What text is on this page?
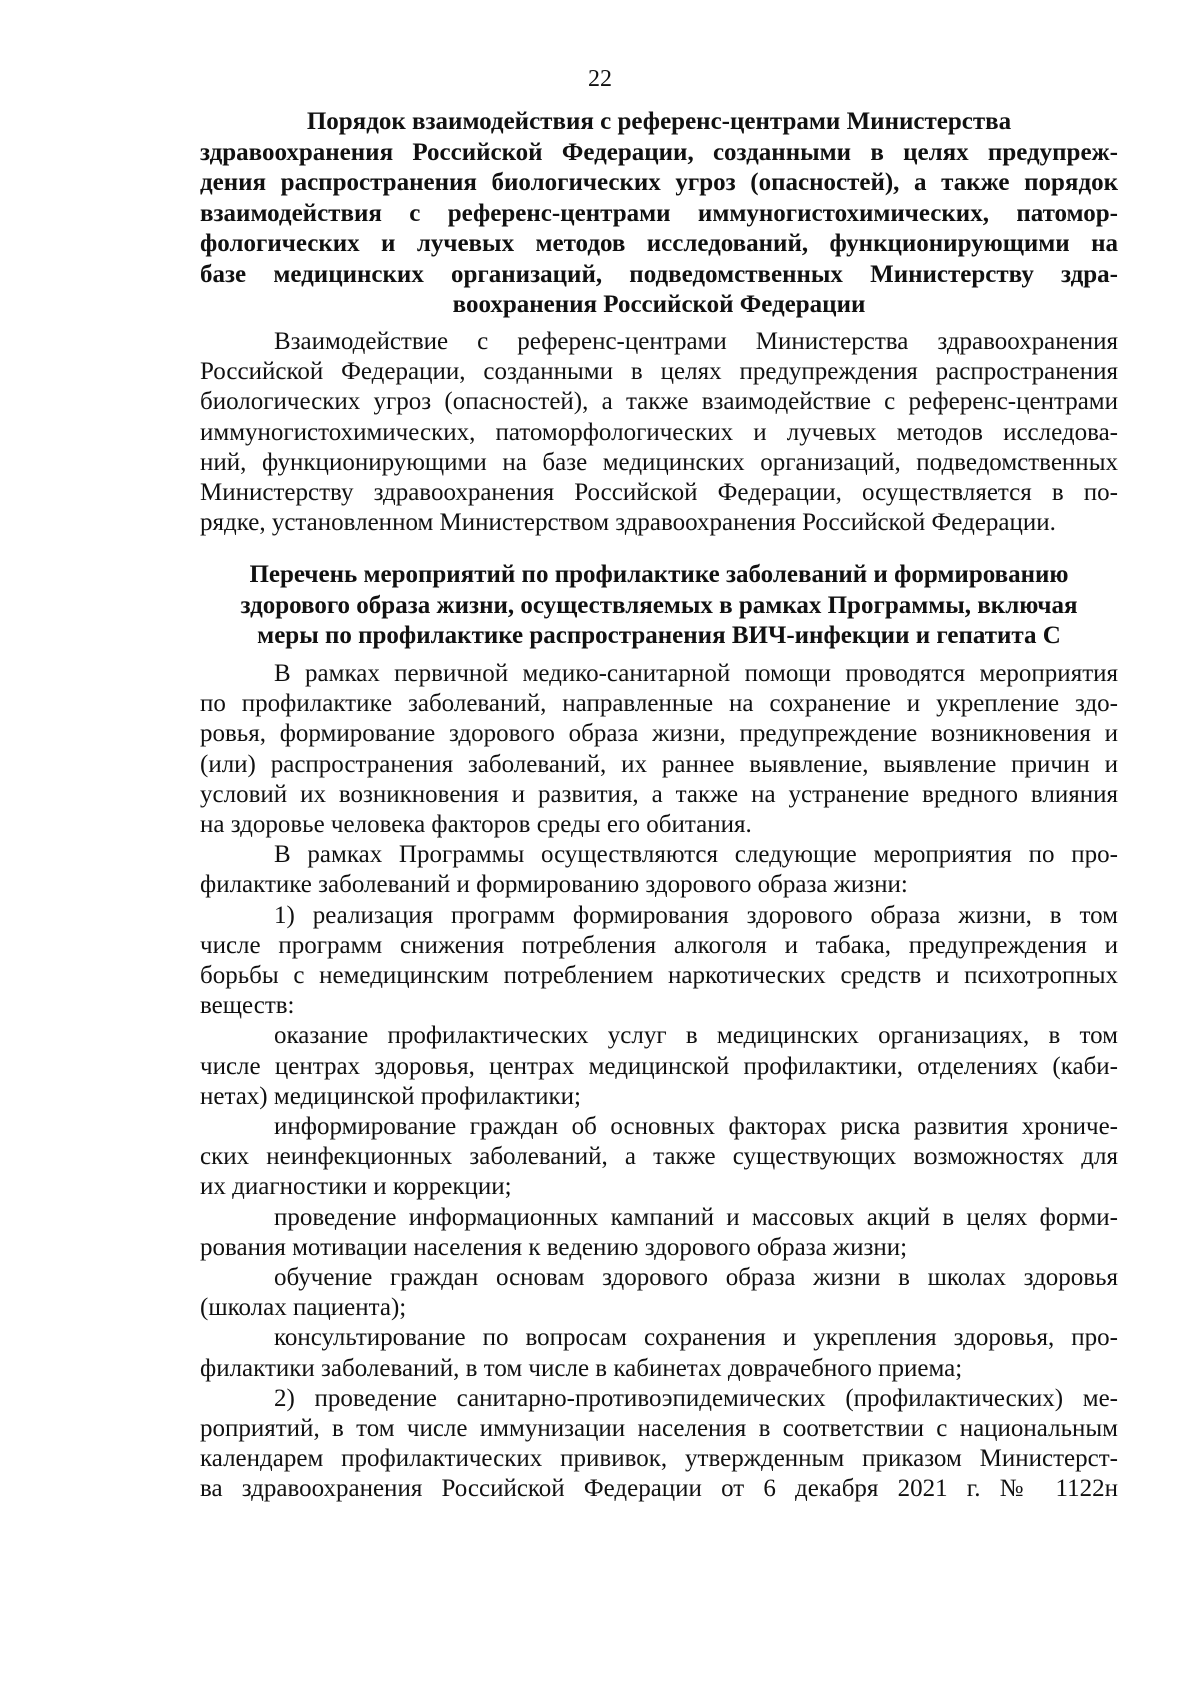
22
Порядок взаимодействия с референс-центрами Министерства
здравоохранения Российской Федерации, созданными в целях предупреж-
дения распространения биологических угроз (опасностей), а также порядок
взаимодействия с референс-центрами иммуногистохимических, патомор-
фологических и лучевых методов исследований, функционирующими на
базе медицинских организаций, подведомственных Министерству здра-
воохранения Российской Федерации
Взаимодействие с референс-центрами Министерства здравоохранения
Российской Федерации, созданными в целях предупреждения распространения
биологических угроз (опасностей), а также взаимодействие с референс-центрами
иммуногистохимических, патоморфологических и лучевых методов исследова-
ний, функционирующими на базе медицинских организаций, подведомственных
Министерству здравоохранения Российской Федерации, осуществляется в по-
рядке, установленном Министерством здравоохранения Российской Федерации.
Перечень мероприятий по профилактике заболеваний и формированию
здорового образа жизни, осуществляемых в рамках Программы, включая
меры по профилактике распространения ВИЧ-инфекции и гепатита С
В рамках первичной медико-санитарной помощи проводятся мероприятия
по профилактике заболеваний, направленные на сохранение и укрепление здо-
ровья, формирование здорового образа жизни, предупреждение возникновения и
(или) распространения заболеваний, их раннее выявление, выявление причин и
условий их возникновения и развития, а также на устранение вредного влияния
на здоровье человека факторов среды его обитания.
В рамках Программы осуществляются следующие мероприятия по про-
филактике заболеваний и формированию здорового образа жизни:
1) реализация программ формирования здорового образа жизни, в том
числе программ снижения потребления алкоголя и табака, предупреждения и
борьбы с немедицинским потреблением наркотических средств и психотропных
веществ:
оказание профилактических услуг в медицинских организациях, в том
числе центрах здоровья, центрах медицинской профилактики, отделениях (каби-
нетах) медицинской профилактики;
информирование граждан об основных факторах риска развития хрониче-
ских неинфекционных заболеваний, а также существующих возможностях для
их диагностики и коррекции;
проведение информационных кампаний и массовых акций в целях форми-
рования мотивации населения к ведению здорового образа жизни;
обучение граждан основам здорового образа жизни в школах здоровья
(школах пациента);
консультирование по вопросам сохранения и укрепления здоровья, про-
филактики заболеваний, в том числе в кабинетах доврачебного приема;
2) проведение санитарно-противоэпидемических (профилактических) ме-
роприятий, в том числе иммунизации населения в соответствии с национальным
календарем профилактических прививок, утвержденным приказом Министерст-
ва здравоохранения Российской Федерации от 6 декабря 2021 г. № 1122н
